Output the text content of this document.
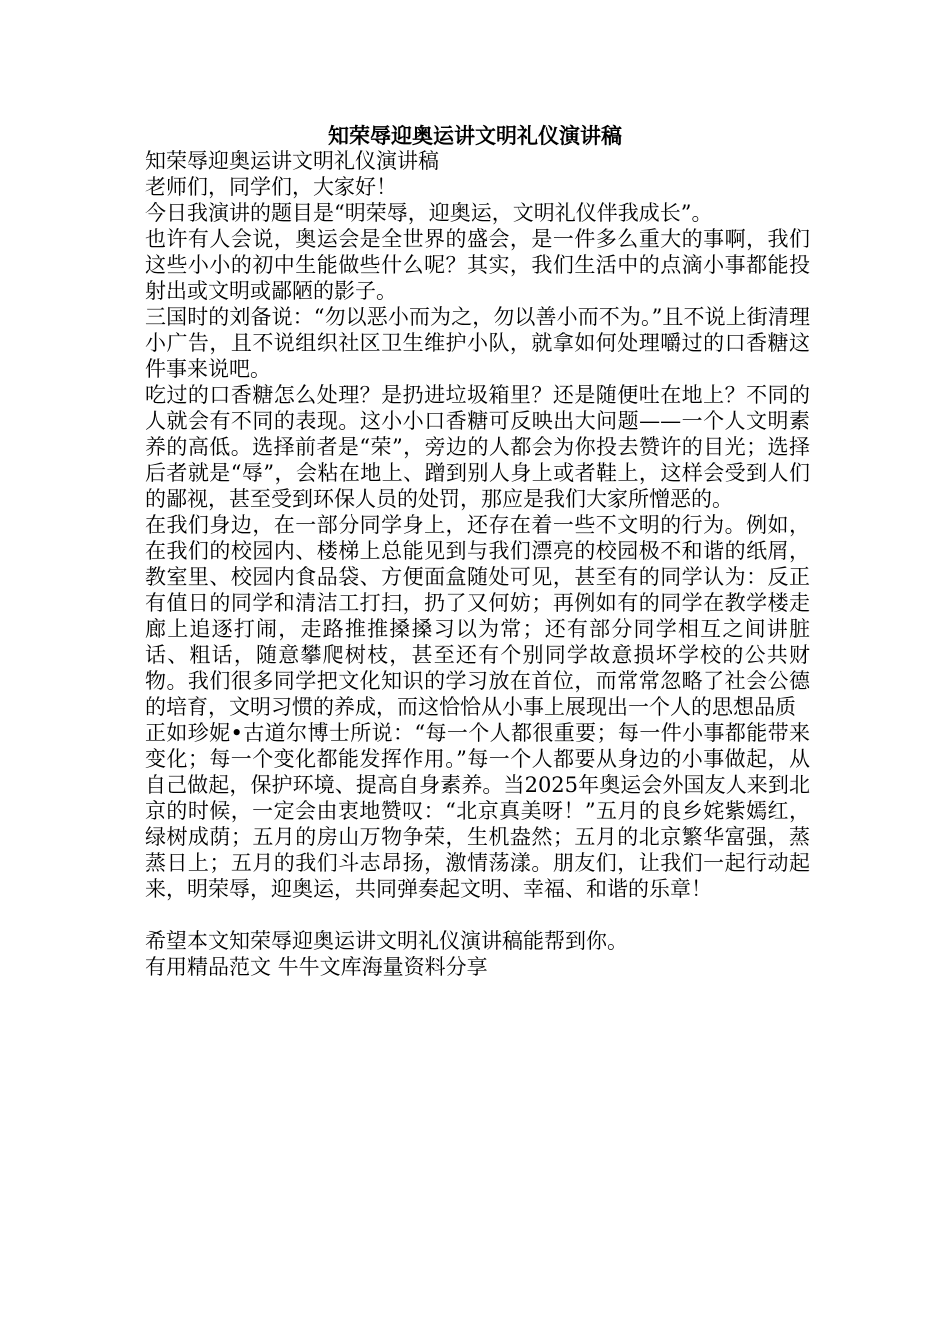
知荣辱迎奥运讲文明礼仪演讲稿

知荣辱迎奥运讲文明礼仪演讲稿

老师们，同学们，大家好！

今日我演讲的题目是“明荣辱，迎奥运，文明礼仪伴我成长”。

也许有人会说，奥运会是全世界的盛会，是一件多么重大的事啊，我们这些小小的初中生能做些什么呢？其实，我们生活中的点滴小事都能投射出或文明或鄙陋的影子。

三国时的刘备说：“勿以恶小而为之，勿以善小而不为。”且不说上街清理小广告，且不说组织社区卫生维护小队，就拿如何处理嚼过的口香糖这件事来说吧。

吃过的口香糖怎么处理？是扔进垃圾箱里？还是随便吐在地上？不同的人就会有不同的表现。这小小口香糖可反映出大问题——一个人文明素养的高低。选择前者是“荣”，旁边的人都会为你投去赞许的目光；选择后者就是“辱”，会粘在地上、蹭到别人身上或者鞋上，这样会受到人们的鄙视，甚至受到环保人员的处罚，那应是我们大家所憎恶的。

在我们身边，在一部分同学身上，还存在着一些不文明的行为。例如，在我们的校园内、楼梯上总能见到与我们漂亮的校园极不和谐的纸屑，教室里、校园内食品袋、方便面盒随处可见，甚至有的同学认为：反正有值日的同学和清洁工打扫，扔了又何妨；再例如有的同学在教学楼走廊上追逐打闹，走路推推搡搡习以为常；还有部分同学相互之间讲脏话、粗话，随意攀爬树枝，甚至还有个别同学故意损坏学校的公共财物。我们很多同学把文化知识的学习放在首位，而常常忽略了社会公德的培育，文明习惯的养成，而这恰恰从小事上展现出一个人的思想品质

正如珍妮•古道尔博士所说：“每一个人都很重要；每一件小事都能带来变化；每一个变化都能发挥作用。”每一个人都要从身边的小事做起，从自己做起，保护环境、提高自身素养。当2025年奥运会外国友人来到北京的时候，一定会由衷地赞叹：“北京真美呀！”五月的良乡姹紫嫣红，绿树成荫；五月的房山万物争荣，生机盎然；五月的北京繁华富强，蒸蒸日上；五月的我们斗志昂扬，激情荡漾。朋友们，让我们一起行动起来，明荣辱，迎奥运，共同弹奏起文明、幸福、和谐的乐章！

希望本文知荣辱迎奥运讲文明礼仪演讲稿能帮到你。

有用精品范文 牛牛文库海量资料分享
